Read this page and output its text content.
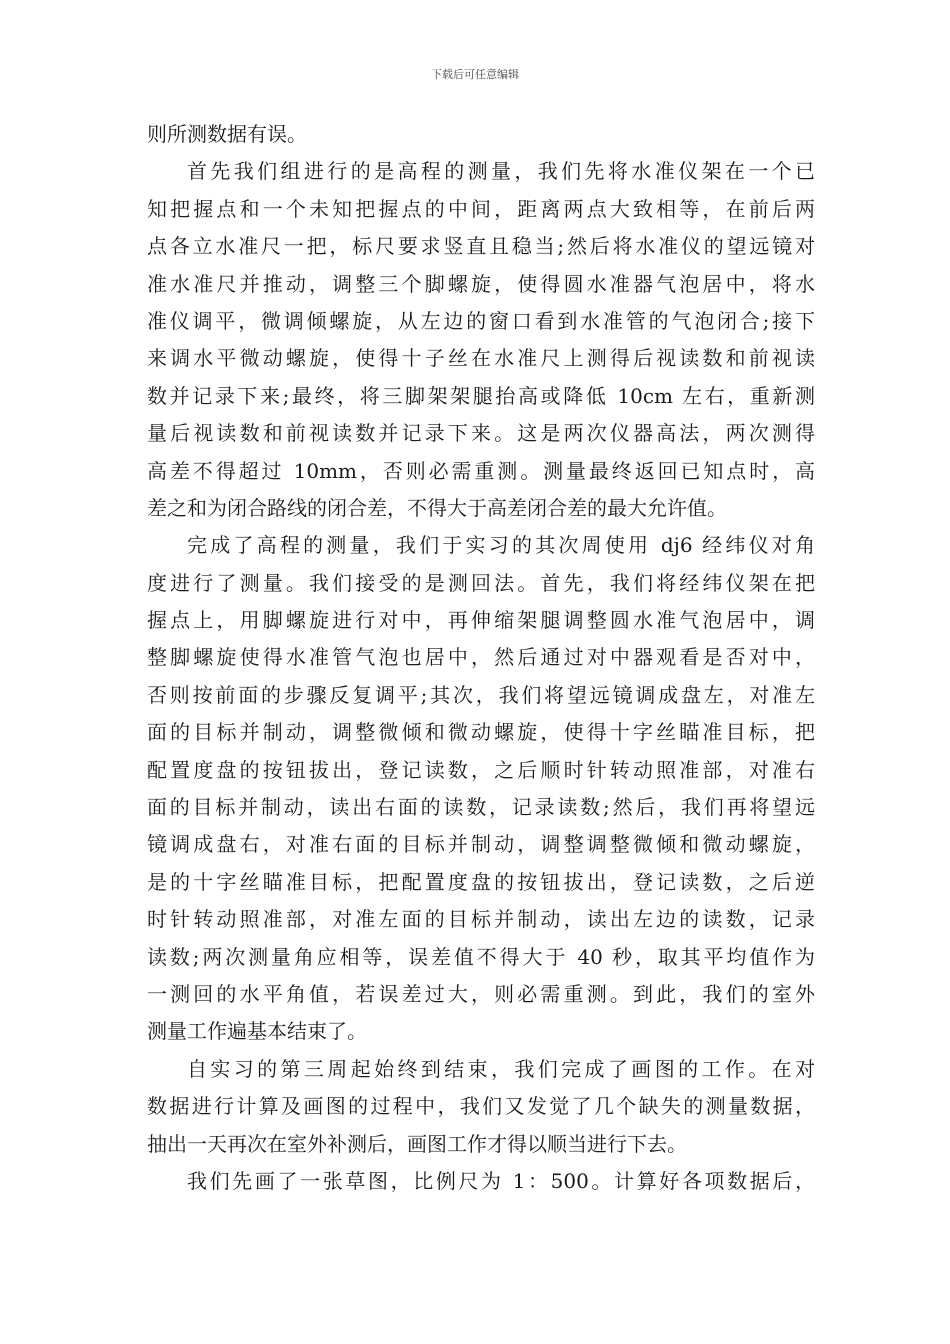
下载后可任意编辑
则所测数据有误。
首先我们组进行的是高程的测量，我们先将水准仪架在一个已
知把握点和一个未知把握点的中间，距离两点大致相等，在前后两
点各立水准尺一把，标尺要求竖直且稳当;然后将水准仪的望远镜对
准水准尺并推动，调整三个脚螺旋，使得圆水准器气泡居中，将水
准仪调平，微调倾螺旋，从左边的窗口看到水准管的气泡闭合;接下
来调水平微动螺旋，使得十子丝在水准尺上测得后视读数和前视读
数并记录下来;最终，将三脚架架腿抬高或降低 10cm 左右，重新测
量后视读数和前视读数并记录下来。这是两次仪器高法，两次测得
高差不得超过 10mm，否则必需重测。测量最终返回已知点时，高
差之和为闭合路线的闭合差，不得大于高差闭合差的最大允许值。
完成了高程的测量，我们于实习的其次周使用 dj6 经纬仪对角
度进行了测量。我们接受的是测回法。首先，我们将经纬仪架在把
握点上，用脚螺旋进行对中，再伸缩架腿调整圆水准气泡居中，调
整脚螺旋使得水准管气泡也居中，然后通过对中器观看是否对中，
否则按前面的步骤反复调平;其次，我们将望远镜调成盘左，对准左
面的目标并制动，调整微倾和微动螺旋，使得十字丝瞄准目标，把
配置度盘的按钮拔出，登记读数，之后顺时针转动照准部，对准右
面的目标并制动，读出右面的读数，记录读数;然后，我们再将望远
镜调成盘右，对准右面的目标并制动，调整调整微倾和微动螺旋，
是的十字丝瞄准目标，把配置度盘的按钮拔出，登记读数，之后逆
时针转动照准部，对准左面的目标并制动，读出左边的读数，记录
读数;两次测量角应相等，误差值不得大于 40 秒，取其平均值作为
一测回的水平角值，若误差过大，则必需重测。到此，我们的室外
测量工作遍基本结束了。
自实习的第三周起始终到结束，我们完成了画图的工作。在对
数据进行计算及画图的过程中，我们又发觉了几个缺失的测量数据，
抽出一天再次在室外补测后，画图工作才得以顺当进行下去。
我们先画了一张草图，比例尺为 1：500。计算好各项数据后，
